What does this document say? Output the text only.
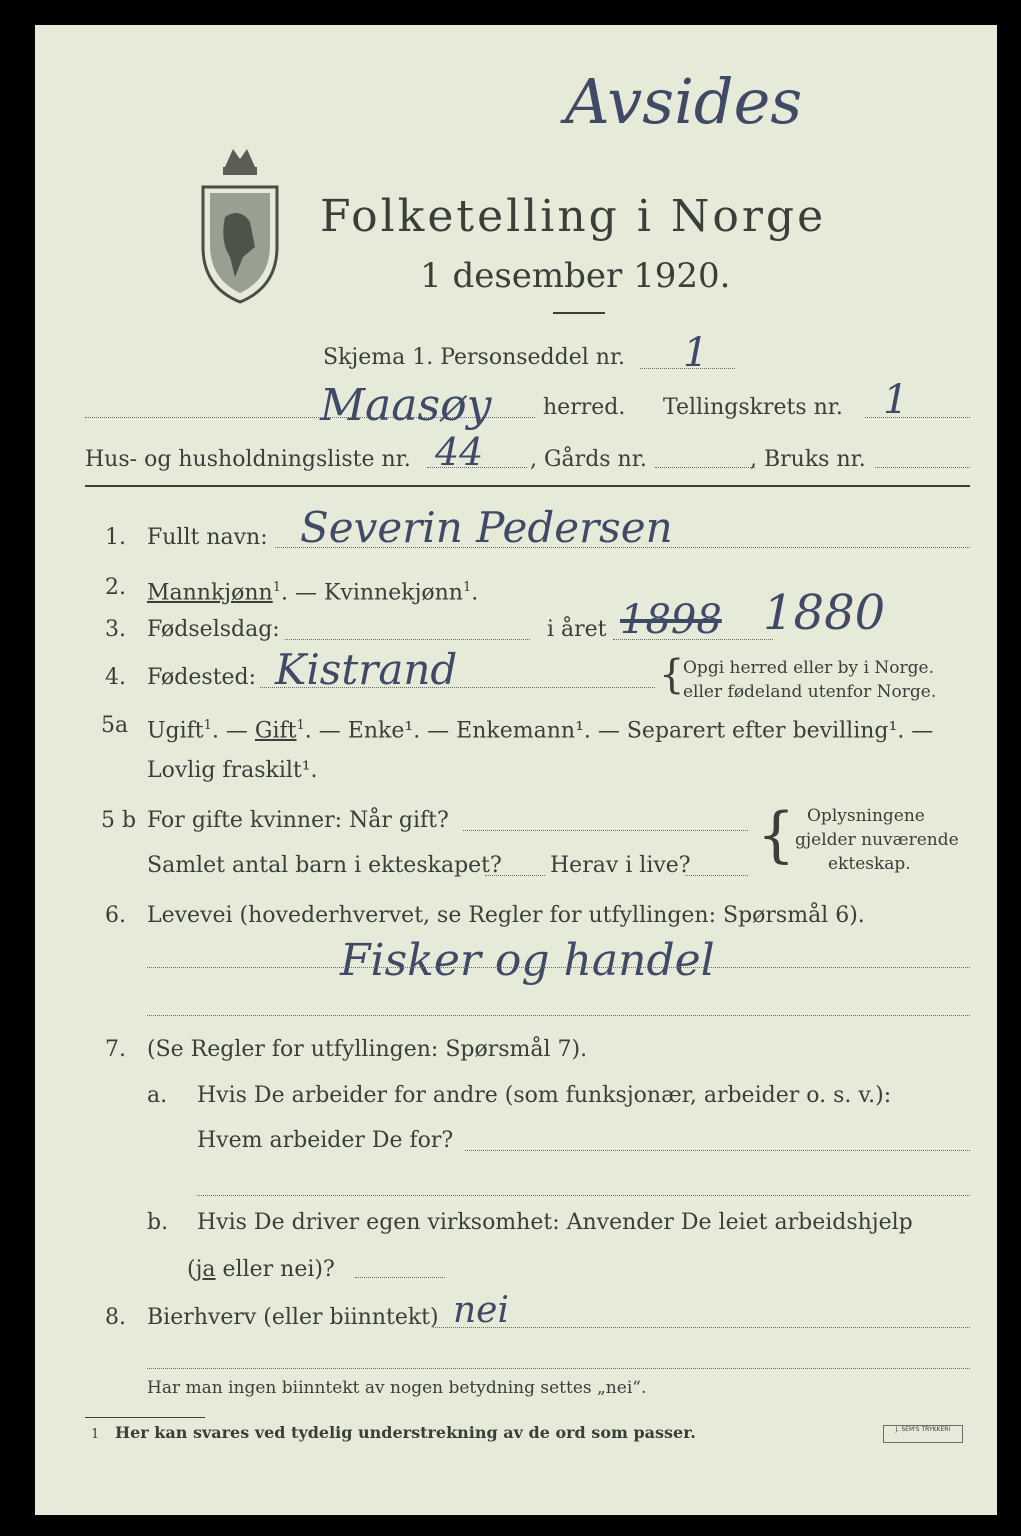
Avsides
Folketelling i Norge
1 desember 1920.
Skjema 1. Personseddel nr. 1
Maasøy herred. Tellingskrets nr. 1
Hus- og husholdningsliste nr. 44 , Gårds nr.	, Bruks nr.
1. Fullt navn: Severin Pedersen
2. Mannkjønn$^1$. — Kvinnekjønn$^1$.
3. Fødselsdag:	i året 1898 1880
4. Fødested: Kistrand	{
Opgi herred eller by i Norge.
eller fødeland utenfor Norge.
5a Ugift$^1$. — Gift$^1$. — Enke¹. — Enkemann¹. — Separert efter bevilling¹. —
Lovlig fraskilt¹.
5 b For gifte kvinner: Når gift?
Samlet antal barn i ekteskapet? Herav i live? { Oplysningene
gjelder nuværende
ekteskap.
6. Levevei (hovederhvervet, se Regler for utfyllingen: Spørsmål 6).
Fisker og handel
7. (Se Regler for utfyllingen: Spørsmål 7).
a. Hvis De arbeider for andre (som funksjonær, arbeider o. s. v.):
Hvem arbeider De for?
b. Hvis De driver egen virksomhet: Anvender De leiet arbeidshjelp
(ja eller nei)?
8. Bierhverv (eller biinntekt) nei
Har man ingen biinntekt av nogen betydning settes „nei“.
1 Her kan svares ved tydelig understrekning av de ord som passer.	J. SEM'S TRYKKERI
